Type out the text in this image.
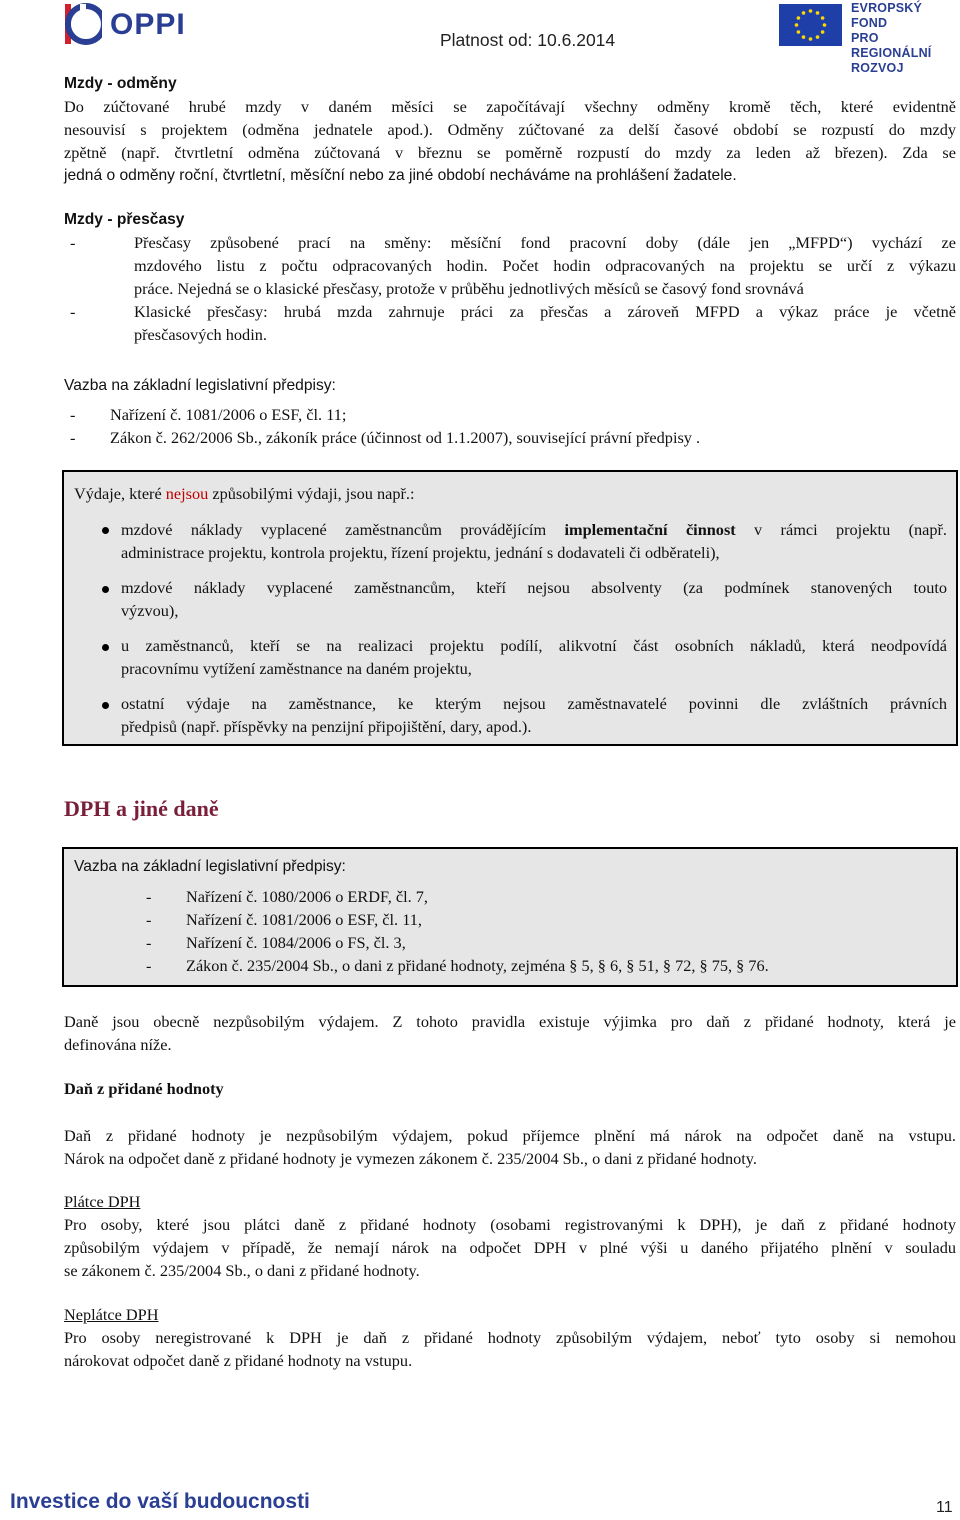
OPPI	Platnost od: 10.6.2014
EVROPSKÝ FOND
PRO REGIONÁLNÍ
ROZVOJ
Mzdy - odměny
Do zúčtované hrubé mzdy v daném měsíci se započítávají všechny odměny kromě těch, které evidentně
nesouvisí s projektem (odměna jednatele apod.). Odměny zúčtované za delší časové období se rozpustí do mzdy
zpětně (např. čtvrtletní odměna zúčtovaná v březnu se poměrně rozpustí do mzdy za leden až březen). Zda se
jedná o odměny roční, čtvrtletní, měsíční nebo za jiné období necháváme na prohlášení žadatele.
Mzdy - přesčasy
-	Přesčasy způsobené prací na směny: měsíční fond pracovní doby (dále jen „MFPD“) vychází ze
mzdového listu z počtu odpracovaných hodin. Počet hodin odpracovaných na projektu se určí z výkazu
práce. Nejedná se o klasické přesčasy, protože v průběhu jednotlivých měsíců se časový fond srovnává
-	Klasické přesčasy: hrubá mzda zahrnuje práci za přesčas a zároveň MFPD a výkaz práce je včetně
přesčasových hodin.
Vazba na základní legislativní předpisy:
- Nařízení č. 1081/2006 o ESF, čl. 11;
- Zákon č. 262/2006 Sb., zákoník práce (účinnost od 1.1.2007), související právní předpisy .
Výdaje, které nejsou způsobilými výdaji, jsou např.:
mzdové náklady vyplacené zaměstnancům provádějícím implementační činnost v rámci projektu (např.
administrace projektu, kontrola projektu, řízení projektu, jednání s dodavateli či odběrateli),
mzdové náklady vyplacené zaměstnancům, kteří nejsou absolventy (za podmínek stanovených touto
výzvou),
u zaměstnanců, kteří se na realizaci projektu podílí, alikvotní část osobních nákladů, která neodpovídá
pracovnímu vytížení zaměstnance na daném projektu,
ostatní výdaje na zaměstnance, ke kterým nejsou zaměstnavatelé povinni dle zvláštních právních
předpisů (např. příspěvky na penzijní připojištění, dary, apod.).
DPH a jiné daně
Vazba na základní legislativní předpisy:
- Nařízení č. 1080/2006 o ERDF, čl. 7,
- Nařízení č. 1081/2006 o ESF, čl. 11,
- Nařízení č. 1084/2006 o FS, čl. 3,
- Zákon č. 235/2004 Sb., o dani z přidané hodnoty, zejména § 5, § 6, § 51, § 72, § 75, § 76.
Daně jsou obecně nezpůsobilým výdajem. Z tohoto pravidla existuje výjimka pro daň z přidané hodnoty, která je
definována níže.
Daň z přidané hodnoty
Daň z přidané hodnoty je nezpůsobilým výdajem, pokud příjemce plnění má nárok na odpočet daně na vstupu.
Nárok na odpočet daně z přidané hodnoty je vymezen zákonem č. 235/2004 Sb., o dani z přidané hodnoty.
Plátce DPH
Pro osoby, které jsou plátci daně z přidané hodnoty (osobami registrovanými k DPH), je daň z přidané hodnoty
způsobilým výdajem v případě, že nemají nárok na odpočet DPH v plné výši u daného přijatého plnění v souladu
se zákonem č. 235/2004 Sb., o dani z přidané hodnoty.
Neplátce DPH
Pro osoby neregistrované k DPH je daň z přidané hodnoty způsobilým výdajem, neboť tyto osoby si nemohou
nárokovat odpočet daně z přidané hodnoty na vstupu.
Investice do vaší budoucnosti	11
